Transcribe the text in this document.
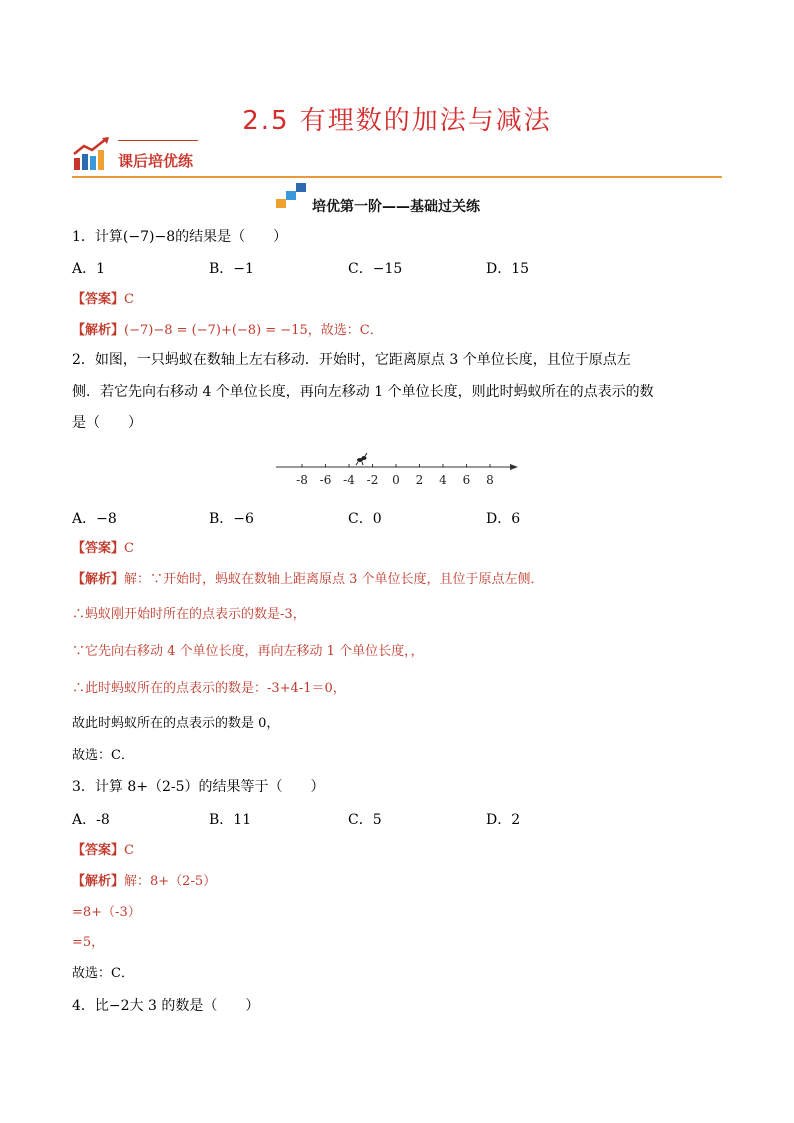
2.5 有理数的加法与减法
课后培优练
培优第一阶——基础过关练
1．计算(−7)−8的结果是（　　）
A．1	B．−1	C．−15	D．15
【答案】C
【解析】(−7)−8 = (−7)+(−8) = −15，故选：C．
2．如图，一只蚂蚁在数轴上左右移动．开始时，它距离原点 3 个单位长度，且位于原点左
侧．若它先向右移动 4 个单位长度，再向左移动 1 个单位长度，则此时蚂蚁所在的点表示的数
是（　　）
-8 -6 -4 -2 0 2 4 6 8
A．−8	B．−6	C．0	D．6
【答案】C
【解析】解：∵开始时，蚂蚁在数轴上距离原点 3 个单位长度，且位于原点左侧．
∴蚂蚁刚开始时所在的点表示的数是-3，
∵它先向右移动 4 个单位长度，再向左移动 1 个单位长度，，
∴此时蚂蚁所在的点表示的数是：-3+4-1＝0，
故此时蚂蚁所在的点表示的数是 0，
故选：C．
3．计算 8+（2-5）的结果等于（　　）
A．-8	B．11	C．5	D．2
【答案】C
【解析】解：8+（2-5）
=8+（-3）
=5，
故选：C．
4．比−2大 3 的数是（　　）
